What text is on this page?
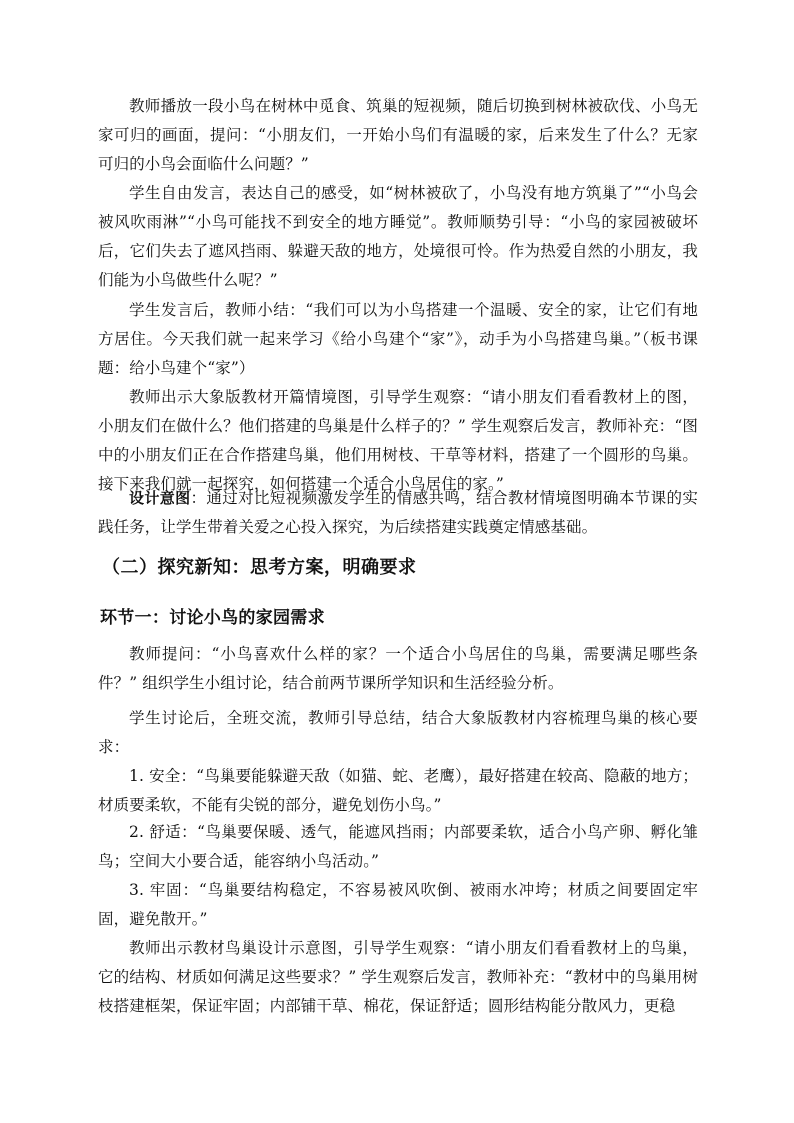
教师播放一段小鸟在树林中觅食、筑巢的短视频，随后切换到树林被砍伐、小鸟无家可归的画面，提问：“小朋友们，一开始小鸟们有温暖的家，后来发生了什么？无家可归的小鸟会面临什么问题？”

学生自由发言，表达自己的感受，如“树林被砍了，小鸟没有地方筑巢了”“小鸟会被风吹雨淋”“小鸟可能找不到安全的地方睡觉”。教师顺势引导：“小鸟的家园被破坏后，它们失去了遮风挡雨、躲避天敌的地方，处境很可怜。作为热爱自然的小朋友，我们能为小鸟做些什么呢？”

学生发言后，教师小结：“我们可以为小鸟搭建一个温暖、安全的家，让它们有地方居住。今天我们就一起来学习《给小鸟建个“家”》，动手为小鸟搭建鸟巢。”（板书课题：给小鸟建个“家”）

教师出示大象版教材开篇情境图，引导学生观察：“请小朋友们看看教材上的图，小朋友们在做什么？他们搭建的鸟巢是什么样子的？” 学生观察后发言，教师补充：“图中的小朋友们正在合作搭建鸟巢，他们用树枝、干草等材料，搭建了一个圆形的鸟巢。接下来我们就一起探究，如何搭建一个适合小鸟居住的家。”

设计意图：通过对比短视频激发学生的情感共鸣，结合教材情境图明确本节课的实践任务，让学生带着关爱之心投入探究，为后续搭建实践奠定情感基础。

（二）探究新知：思考方案，明确要求
环节一：讨论小鸟的家园需求

教师提问：“小鸟喜欢什么样的家？一个适合小鸟居住的鸟巢，需要满足哪些条件？” 组织学生小组讨论，结合前两节课所学知识和生活经验分析。

学生讨论后，全班交流，教师引导总结，结合大象版教材内容梳理鸟巢的核心要求：

1. 安全：“鸟巢要能躲避天敌（如猫、蛇、老鹰），最好搭建在较高、隐蔽的地方；材质要柔软，不能有尖锐的部分，避免划伤小鸟。”

2. 舒适：“鸟巢要保暖、透气，能遮风挡雨；内部要柔软，适合小鸟产卵、孵化雏鸟；空间大小要合适，能容纳小鸟活动。”

3. 牢固：“鸟巢要结构稳定，不容易被风吹倒、被雨水冲垮；材质之间要固定牢固，避免散开。”

教师出示教材鸟巢设计示意图，引导学生观察：“请小朋友们看看教材上的鸟巢，它的结构、材质如何满足这些要求？” 学生观察后发言，教师补充：“教材中的鸟巢用树枝搭建框架，保证牢固；内部铺干草、棉花，保证舒适；圆形结构能分散风力，更稳
